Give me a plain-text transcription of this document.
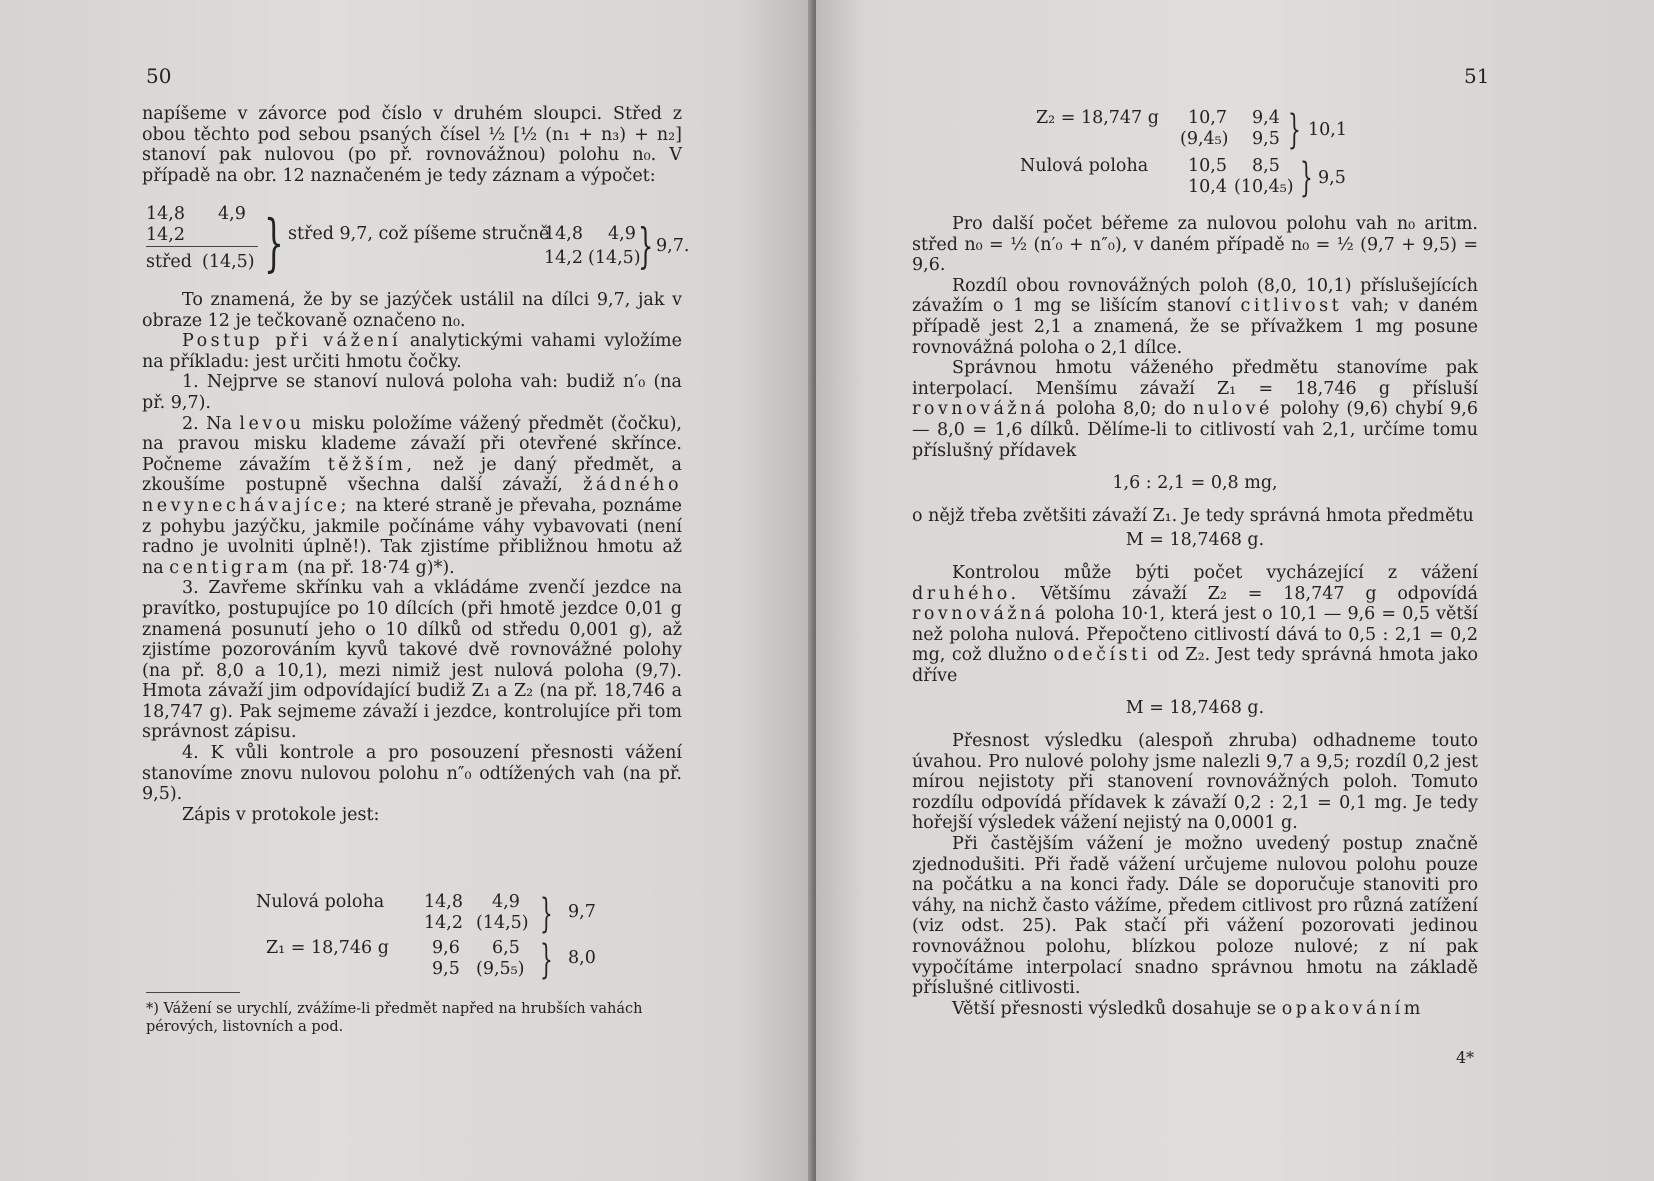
50

napíšeme v závorce pod číslo v druhém sloupci. Střed z obou těchto pod sebou psaných čísel ½ [½ (n₁ + n₃) + n₂] stanoví pak nulovou (po př. rovnovážnou) polohu n₀. V případě na obr. 12 naznačeném je tedy záznam a výpočet:

14,8 4,9
14,2
střed (14,5) } střed 9,7, což píšeme stručně
14,8 4,9
14,2 (14,5)
} 9,7.

To znamená, že by se jazýček ustálil na dílci 9,7, jak v obraze 12 je tečkovaně označeno n₀.

Postup při vážení analytickými vahami vyložíme na příkladu: jest určiti hmotu čočky.

1. Nejprve se stanoví nulová poloha vah: budiž n′₀ (na př. 9,7).

2. Na levou misku položíme vážený předmět (čočku), na pravou misku klademe závaží při otevřené skřínce. Počneme závažím těžším, než je daný předmět, a zkoušíme postupně všechna další závaží, žádného nevynechávajíce; na které straně je převaha, poznáme z pohybu jazýčku, jakmile počínáme váhy vybavovati (není radno je uvolniti úplně!). Tak zjistíme přibližnou hmotu až na centigram (na př. 18·74 g)*).

3. Zavřeme skřínku vah a vkládáme zvenčí jezdce na pravítko, postupujíce po 10 dílcích (při hmotě jezdce 0,01 g znamená posunutí jeho o 10 dílků od středu 0,001 g), až zjistíme pozorováním kyvů takové dvě rovnovážné polohy (na př. 8,0 a 10,1), mezi nimiž jest nulová poloha (9,7). Hmota závaží jim odpovídající budiž Z₁ a Z₂ (na př. 18,746 a 18,747 g). Pak sejmeme závaží i jezdce, kontrolujíce při tom správnost zápisu.

4. K vůli kontrole a pro posouzení přesnosti vážení stanovíme znovu nulovou polohu n″₀ odtížených vah (na př. 9,5).

Zápis v protokole jest:

Nulová poloha 14,8 4,9
14,2 (14,5) } 9,7
Z₁ = 18,746 g 9,6 6,5
9,5 (9,5₅) } 8,0
*) Vážení se urychlí, zvážíme-li předmět napřed na hrubších vahách pérových, listovních a pod.
51
Z₂ = 18,747 g 10,7 9,4
(9,4₅) 9,5 } 10,1
Nulová poloha 10,5 8,5
10,4 (10,4₅) } 9,5

Pro další počet béřeme za nulovou polohu vah n₀ aritm. střed n₀ = ½ (n′₀ + n″₀), v daném případě n₀ = ½ (9,7 + 9,5) = 9,6.

Rozdíl obou rovnovážných poloh (8,0, 10,1) příslušejících závažím o 1 mg se lišícím stanoví citlivost vah; v daném případě jest 2,1 a znamená, že se přívažkem 1 mg posune rovnovážná poloha o 2,1 dílce.

Správnou hmotu váženého předmětu stanovíme pak interpolací. Menšímu závaží Z₁ = 18,746 g přísluší rovnovážná poloha 8,0; do nulové polohy (9,6) chybí 9,6 — 8,0 = 1,6 dílků. Dělíme-li to citlivostí vah 2,1, určíme tomu příslušný přídavek

1,6 : 2,1 = 0,8 mg,

o nějž třeba zvětšiti závaží Z₁. Je tedy správná hmota předmětu

M = 18,7468 g.

Kontrolou může býti počet vycházející z vážení druhého. Většímu závaží Z₂ = 18,747 g odpovídá rovnovážná poloha 10·1, která jest o 10,1 — 9,6 = 0,5 větší než poloha nulová. Přepočteno citlivostí dává to 0,5 : 2,1 = 0,2 mg, což dlužno odečísti od Z₂. Jest tedy správná hmota jako dříve

M = 18,7468 g.

Přesnost výsledku (alespoň zhruba) odhadneme touto úvahou. Pro nulové polohy jsme nalezli 9,7 a 9,5; rozdíl 0,2 jest mírou nejistoty při stanovení rovnovážných poloh. Tomuto rozdílu odpovídá přídavek k závaží 0,2 : 2,1 = 0,1 mg. Je tedy hořejší výsledek vážení nejistý na 0,0001 g.

Při častějším vážení je možno uvedený postup značně zjednodušiti. Při řadě vážení určujeme nulovou polohu pouze na počátku a na konci řady. Dále se doporučuje stanoviti pro váhy, na nichž často vážíme, předem citlivost pro různá zatížení (viz odst. 25). Pak stačí při vážení pozorovati jedinou rovnovážnou polohu, blízkou poloze nulové; z ní pak vypočítáme interpolací snadno správnou hmotu na základě příslušné citlivosti.

Větší přesnosti výsledků dosahuje se opakováním

4*
